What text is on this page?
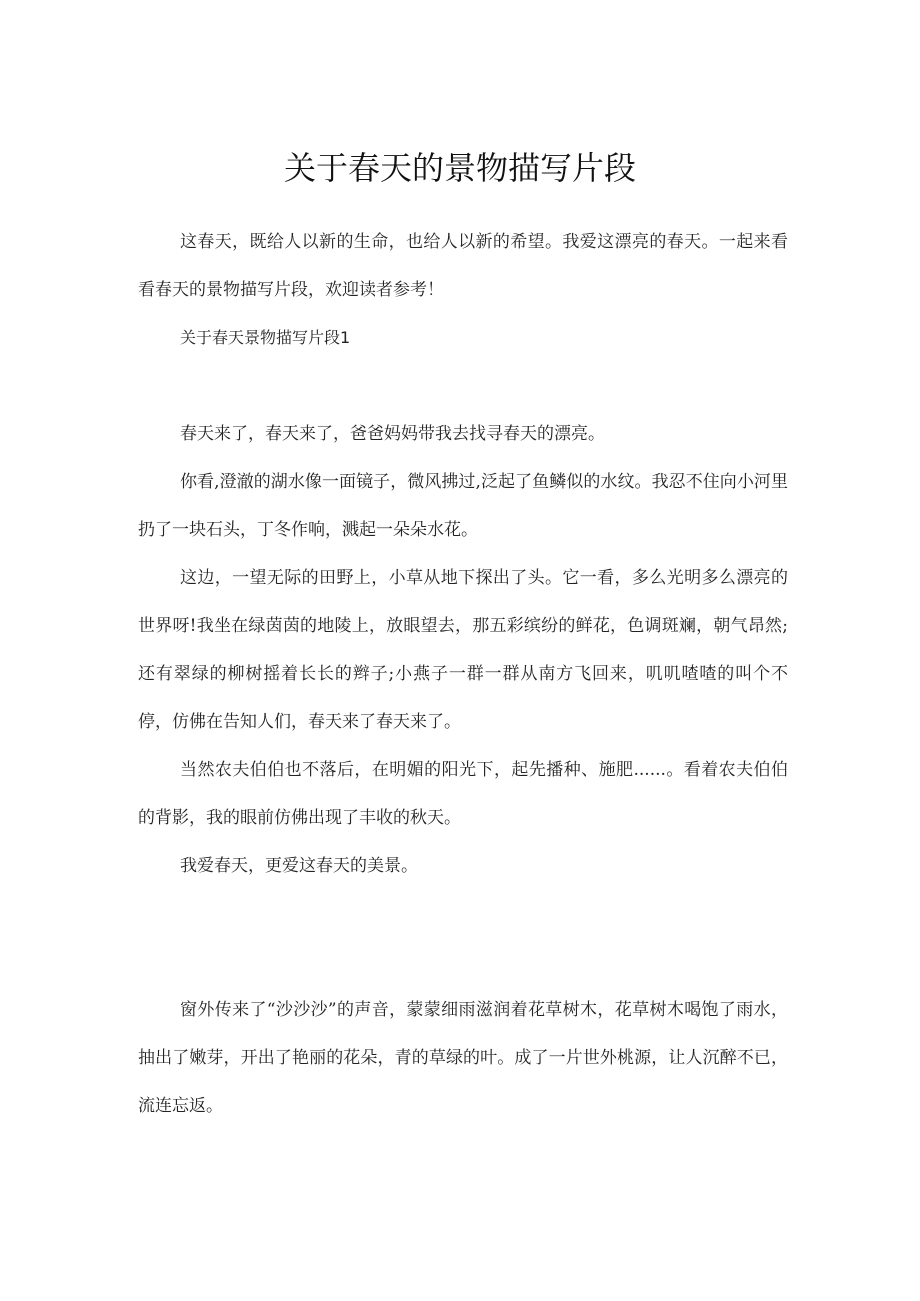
关于春天的景物描写片段

这春天，既给人以新的生命，也给人以新的希望。我爱这漂亮的春天。一起来看看春天的景物描写片段，欢迎读者参考！

关于春天景物描写片段1

春天来了，春天来了，爸爸妈妈带我去找寻春天的漂亮。

你看,澄澈的湖水像一面镜子，微风拂过,泛起了鱼鳞似的水纹。我忍不住向小河里扔了一块石头，丁冬作响，溅起一朵朵水花。

这边，一望无际的田野上，小草从地下探出了头。它一看，多么光明多么漂亮的世界呀!我坐在绿茵茵的地陵上，放眼望去，那五彩缤纷的鲜花，色调斑斓，朝气昂然;还有翠绿的柳树摇着长长的辫子;小燕子一群一群从南方飞回来，叽叽喳喳的叫个不停，仿佛在告知人们，春天来了春天来了。

当然农夫伯伯也不落后，在明媚的阳光下，起先播种、施肥......。看着农夫伯伯的背影，我的眼前仿佛出现了丰收的秋天。

我爱春天，更爱这春天的美景。

窗外传来了“沙沙沙”的声音，蒙蒙细雨滋润着花草树木，花草树木喝饱了雨水，抽出了嫩芽，开出了艳丽的花朵，青的草绿的叶。成了一片世外桃源，让人沉醉不已，流连忘返。
